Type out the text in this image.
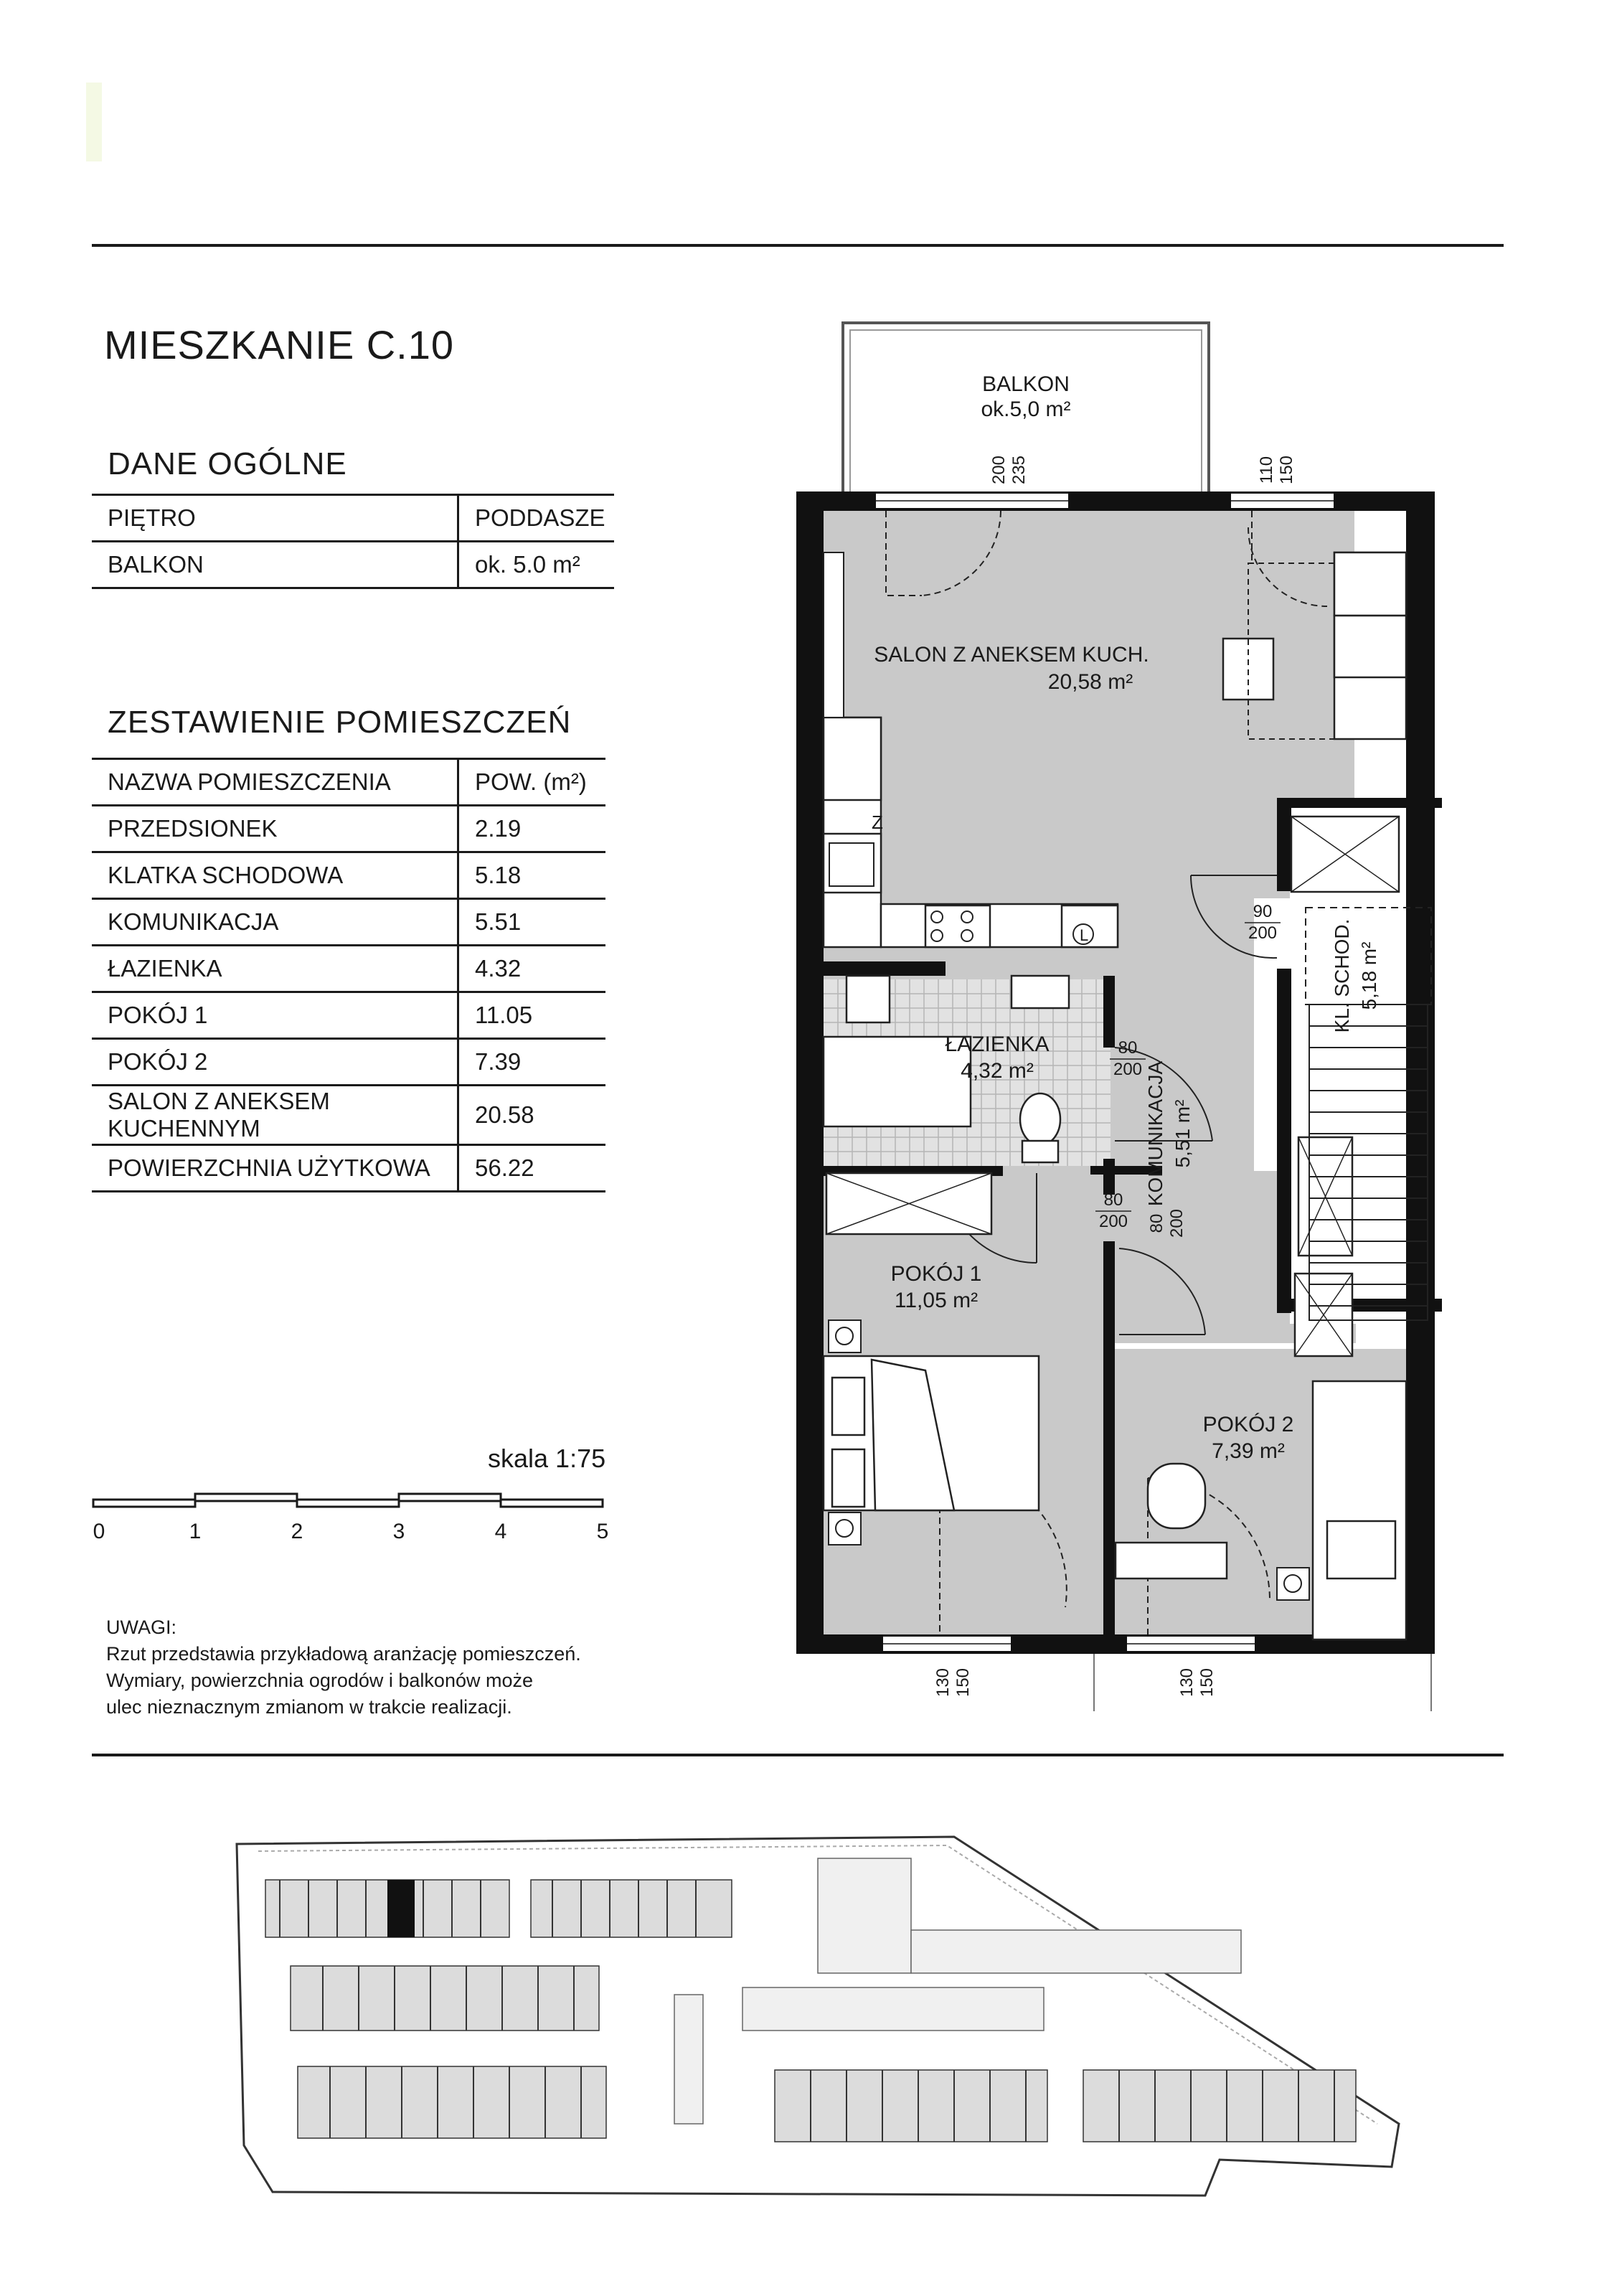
MIESZKANIE C.10
DANE OGÓLNE
PIĘTRO	PODDASZE
BALKON	ok. 5.0 m²
ZESTAWIENIE POMIESZCZEŃ
NAZWA POMIESZCZENIA	POW. (m²)
PRZEDSIONEK	2.19
KLATKA SCHODOWA	5.18
KOMUNIKACJA	5.51
ŁAZIENKA	4.32
POKÓJ 1	11.05
POKÓJ 2	7.39
SALON Z ANEKSEM KUCHENNYM	20.58
POWIERZCHNIA UŻYTKOWA	56.22
skala 1:75
0	1	2	3	4	5
UWAGI:
Rzut przedstawia przykładową aranżację pomieszczeń.
Wymiary, powierzchnia ogrodów i balkonów może
ulec nieznacznym zmianom w trakcie realizacji.
Z
L
BALKON
ok.5,0 m²
SALON Z ANEKSEM KUCH.
20,58 m²
ŁAZIENKA
4,32 m²
POKÓJ 1
11,05 m²
POKÓJ 2
7,39 m²
KOMUNIKACJA 5,51 m²
KL. SCHOD. 5,18 m²
200 235	110 150
90
200
80
200
80
200 80 200
130 150	130 150
